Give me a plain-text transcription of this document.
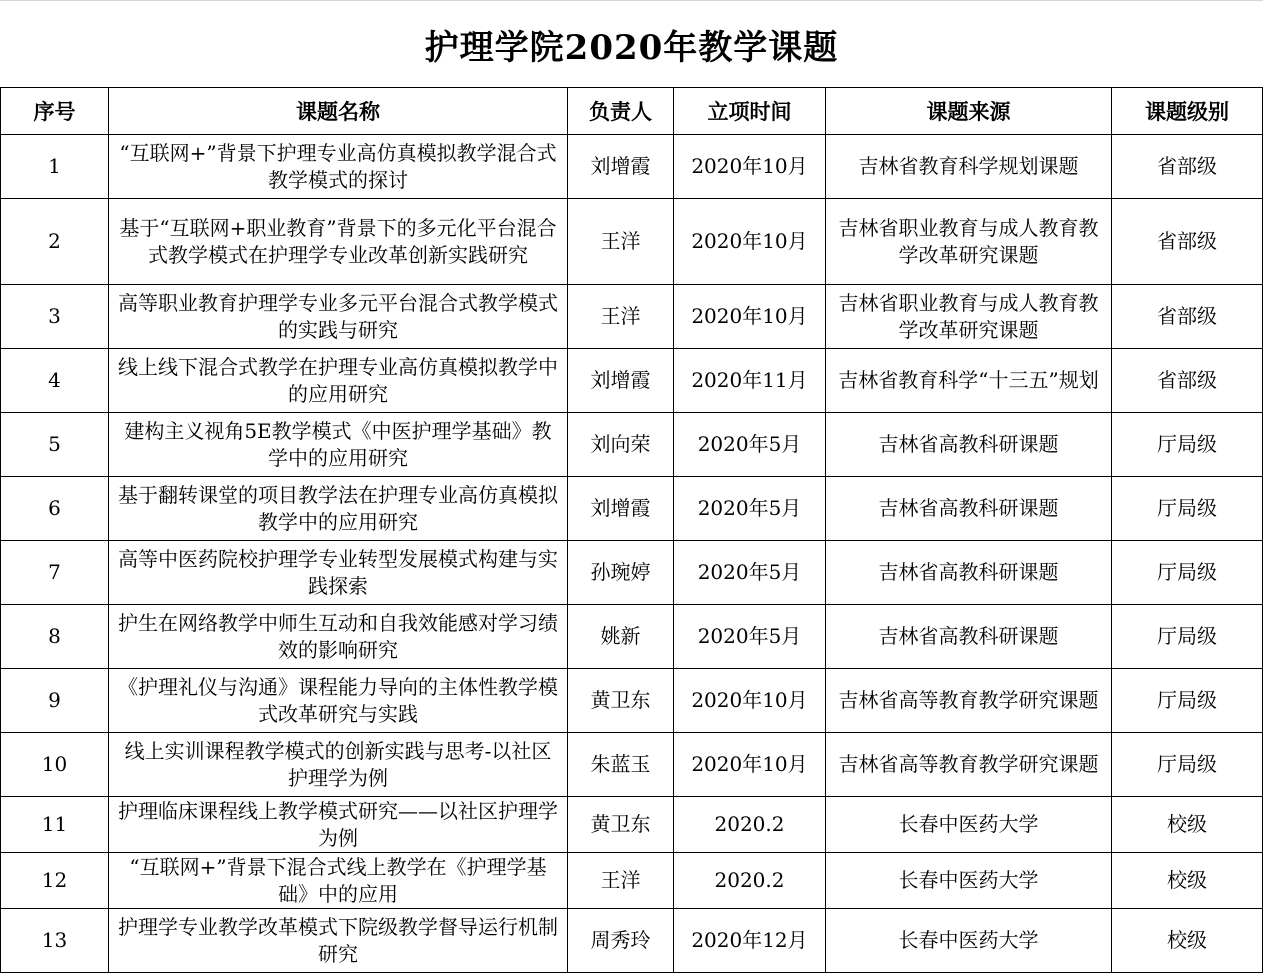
护理学院2020年教学课题
序号	课题名称	负责人	立项时间	课题来源	课题级别
1	“互联网+”背景下护理专业高仿真模拟教学混合式教学模式的探讨	刘增霞	2020年10月	吉林省教育科学规划课题	省部级
2	基于“互联网+职业教育”背景下的多元化平台混合式教学模式在护理学专业改革创新实践研究	王洋	2020年10月	吉林省职业教育与成人教育教学改革研究课题	省部级
3	高等职业教育护理学专业多元平台混合式教学模式的实践与研究	王洋	2020年10月	吉林省职业教育与成人教育教学改革研究课题	省部级
4	线上线下混合式教学在护理专业高仿真模拟教学中的应用研究	刘增霞	2020年11月	吉林省教育科学“十三五”规划	省部级
5	建构主义视角5E教学模式《中医护理学基础》教学中的应用研究	刘向荣	2020年5月	吉林省高教科研课题	厅局级
6	基于翻转课堂的项目教学法在护理专业高仿真模拟教学中的应用研究	刘增霞	2020年5月	吉林省高教科研课题	厅局级
7	高等中医药院校护理学专业转型发展模式构建与实践探索	孙琬婷	2020年5月	吉林省高教科研课题	厅局级
8	护生在网络教学中师生互动和自我效能感对学习绩效的影响研究	姚新	2020年5月	吉林省高教科研课题	厅局级
9	《护理礼仪与沟通》课程能力导向的主体性教学模式改革研究与实践	黄卫东	2020年10月	吉林省高等教育教学研究课题	厅局级
10	线上实训课程教学模式的创新实践与思考-以社区护理学为例	朱蓝玉	2020年10月	吉林省高等教育教学研究课题	厅局级
11	护理临床课程线上教学模式研究——以社区护理学为例	黄卫东	2020.2	长春中医药大学	校级
12	“互联网+”背景下混合式线上教学在《护理学基础》中的应用	王洋	2020.2	长春中医药大学	校级
13	护理学专业教学改革模式下院级教学督导运行机制研究	周秀玲	2020年12月	长春中医药大学	校级
